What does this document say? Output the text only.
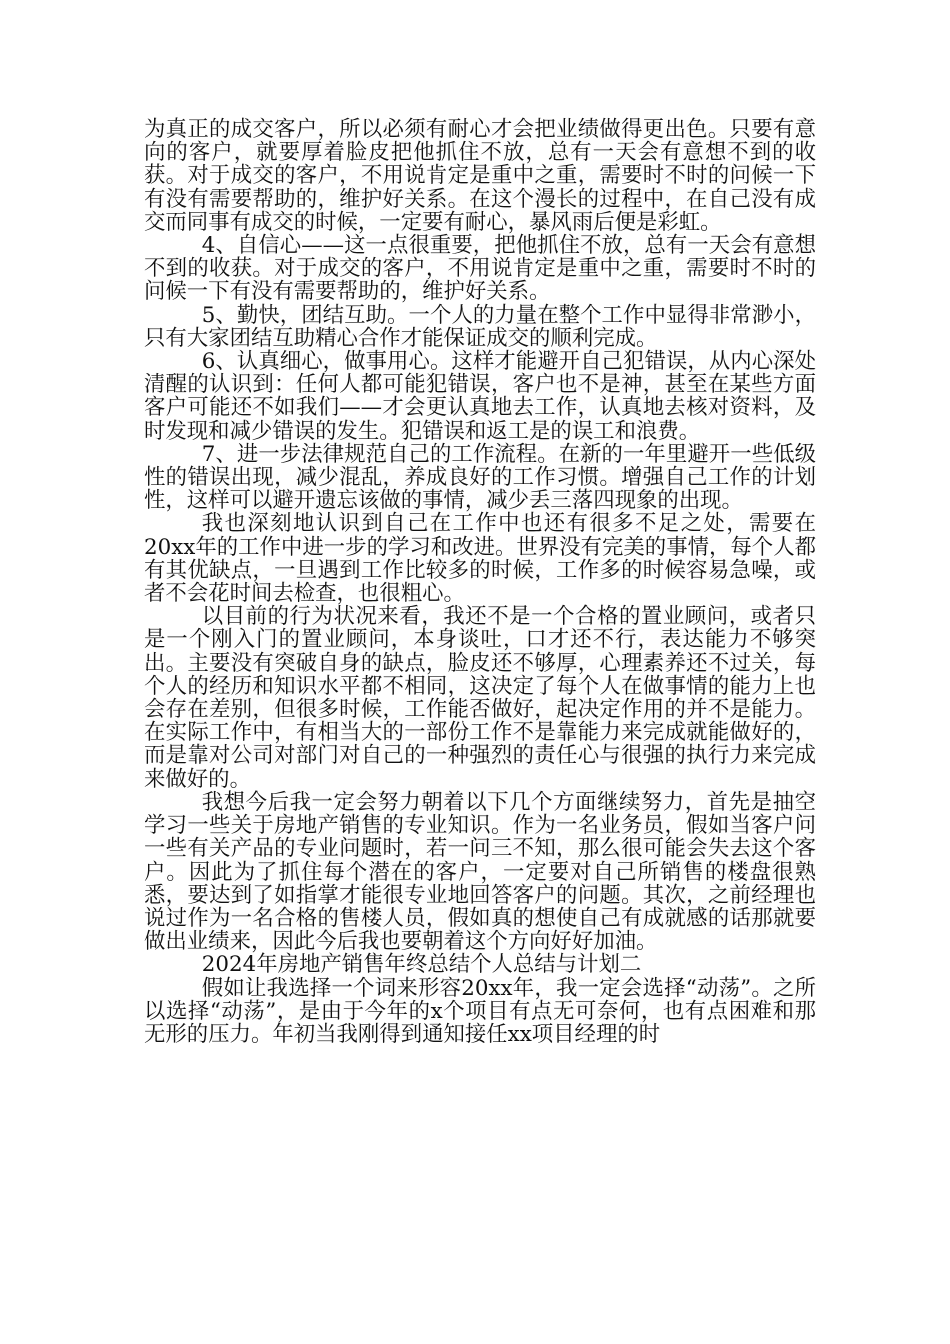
为真正的成交客户，所以必须有耐心才会把业绩做得更出色。只要有意向的客户，就要厚着脸皮把他抓住不放，总有一天会有意想不到的收获。对于成交的客户，不用说肯定是重中之重，需要时不时的问候一下有没有需要帮助的，维护好关系。在这个漫长的过程中，在自己没有成交而同事有成交的时候，一定要有耐心，暴风雨后便是彩虹。

4、自信心——这一点很重要，把他抓住不放，总有一天会有意想不到的收获。对于成交的客户，不用说肯定是重中之重，需要时不时的问候一下有没有需要帮助的，维护好关系。

5、勤快，团结互助。一个人的力量在整个工作中显得非常渺小，只有大家团结互助精心合作才能保证成交的顺利完成。

6、认真细心，做事用心。这样才能避开自己犯错误，从内心深处清醒的认识到：任何人都可能犯错误，客户也不是神，甚至在某些方面客户可能还不如我们——才会更认真地去工作，认真地去核对资料，及时发现和减少错误的发生。犯错误和返工是的误工和浪费。

7、进一步法律规范自己的工作流程。在新的一年里避开一些低级性的错误出现，减少混乱，养成良好的工作习惯。增强自己工作的计划性，这样可以避开遗忘该做的事情，减少丢三落四现象的出现。

我也深刻地认识到自己在工作中也还有很多不足之处，需要在20xx年的工作中进一步的学习和改进。世界没有完美的事情，每个人都有其优缺点，一旦遇到工作比较多的时候，工作多的时候容易急噪，或者不会花时间去检查，也很粗心。

以目前的行为状况来看，我还不是一个合格的置业顾问，或者只是一个刚入门的置业顾问，本身谈吐，口才还不行，表达能力不够突出。主要没有突破自身的缺点，脸皮还不够厚，心理素养还不过关，每个人的经历和知识水平都不相同，这决定了每个人在做事情的能力上也会存在差别，但很多时候，工作能否做好，起决定作用的并不是能力。在实际工作中，有相当大的一部份工作不是靠能力来完成就能做好的，而是靠对公司对部门对自己的一种强烈的责任心与很强的执行力来完成来做好的。

我想今后我一定会努力朝着以下几个方面继续努力，首先是抽空学习一些关于房地产销售的专业知识。作为一名业务员，假如当客户问一些有关产品的专业问题时，若一问三不知，那么很可能会失去这个客户。因此为了抓住每个潜在的客户，一定要对自己所销售的楼盘很熟悉，要达到了如指掌才能很专业地回答客户的问题。其次，之前经理也说过作为一名合格的售楼人员，假如真的想使自己有成就感的话那就要做出业绩来，因此今后我也要朝着这个方向好好加油。

2024年房地产销售年终总结个人总结与计划二

假如让我选择一个词来形容20xx年，我一定会选择“动荡”。之所以选择“动荡”，是由于今年的x个项目有点无可奈何，也有点困难和那无形的压力。年初当我刚得到通知接任xx项目经理的时
